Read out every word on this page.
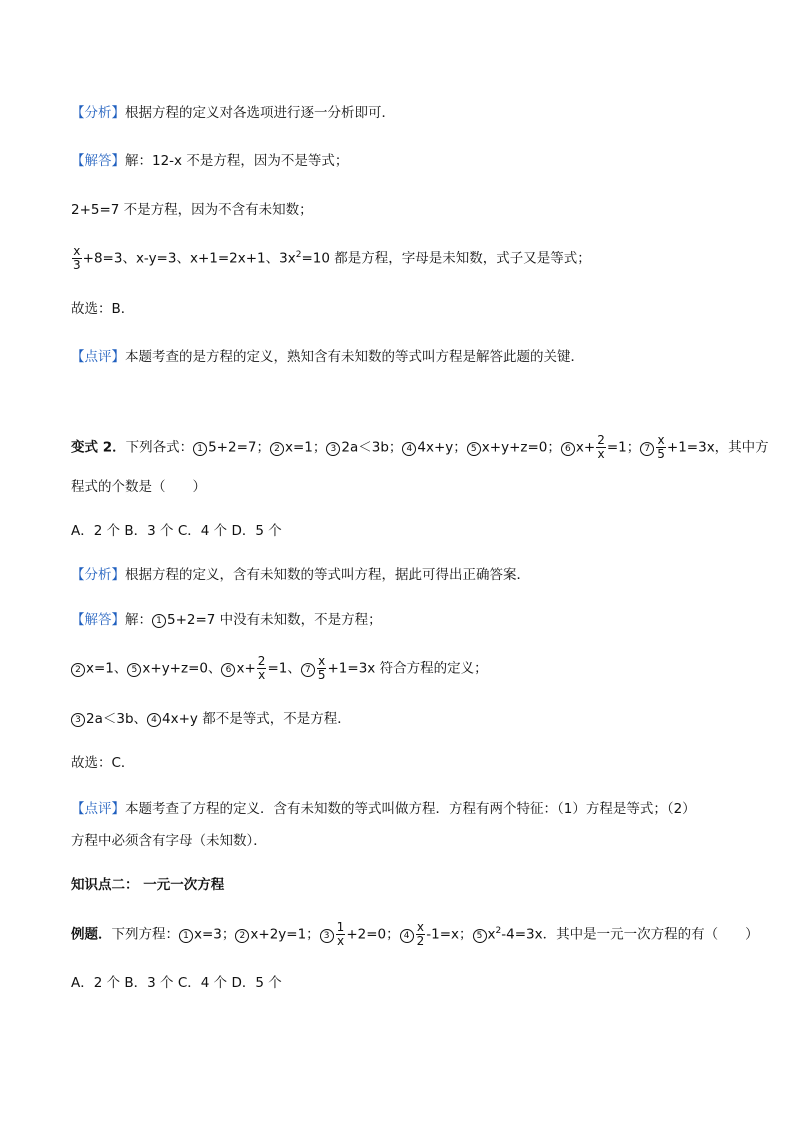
【分析】根据方程的定义对各选项进行逐一分析即可．
【解答】解：12-x 不是方程，因为不是等式；
2+5=7 不是方程，因为不含有未知数；
$\frac{x}{3} +8=3$、x-y=3、x+1=2x+1、$3x^2=10$ 都是方程，字母是未知数，式子又是等式；
故选：B．
【点评】本题考查的是方程的定义，熟知含有未知数的等式叫方程是解答此题的关键．
变式 2．下列各式： 1 5+2=7； 2 x=1； 3 2a＜3b； 4 4x+y； 5 x+y+z=0； 6 $x+ \frac{2}{x} =1$； $7 \frac{x}{5} +1=3x$，其中方
程式的个数是（　　）
A．2 个 B．3 个 C．4 个 D．5 个
【分析】根据方程的定义，含有未知数的等式叫方程，据此可得出正确答案．
【解答】解： 1 5+2=7 中没有未知数，不是方程；
2 x=1、 5 x+y+z=0、 6 $x+ \frac{2}{x} =1$、 $7 \frac{x}{5} +1=3x$ 符合方程的定义；
3 2a＜3b、 4 4x+y 都不是等式，不是方程．
故选：C．
【点评】本题考查了方程的定义．含有未知数的等式叫做方程．方程有两个特征：（1）方程是等式；（2）
方程中必须含有字母（未知数）．
知识点二： 一元一次方程
例题．下列方程： 1 x=3； 2 x+2y=1； $3 \frac{1}{x} +2=0$； $4 \frac{x}{2} -1=x$； 5 $x^2-4=3x$．其中是一元一次方程的有（　　）
A．2 个 B．3 个 C．4 个 D．5 个
